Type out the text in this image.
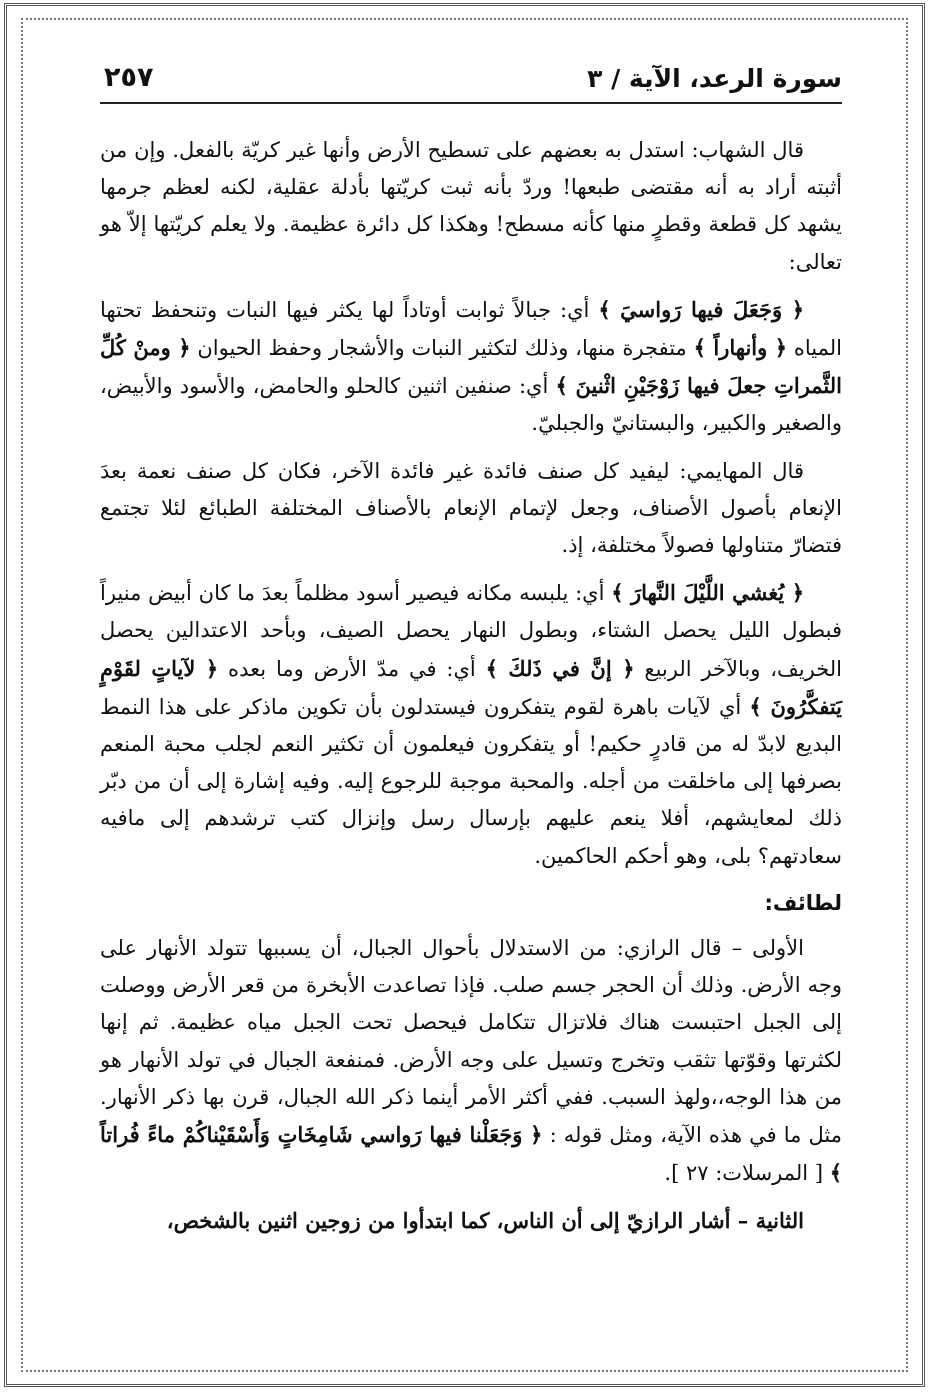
سورة الرعد، الآية / ٣
٢٥٧

قال الشهاب: استدل به بعضهم على تسطيح الأرض وأنها غير كريّة بالفعل. وإن من أثبته أراد به أنه مقتضى طبعها! وردّ بأنه ثبت كريّتها بأدلة عقلية، لكنه لعظم جرمها يشهد كل قطعة وقطرٍ منها كأنه مسطح! وهكذا كل دائرة عظيمة. ولا يعلم كريّتها إلاّ هو تعالى:

﴿ وَجَعَلَ فيها رَواسيَ ﴾ أي: جبالاً ثوابت أوتاداً لها يكثر فيها النبات وتنحفظ تحتها المياه ﴿ وأنهاراً ﴾ متفجرة منها، وذلك لتكثير النبات والأشجار وحفظ الحيوان ﴿ ومنْ كُلِّ الثَّمراتِ جعلَ فيها زَوْجَيْنِ اثْنينَ ﴾ أي: صنفين اثنين كالحلو والحامض، والأسود والأبيض، والصغير والكبير، والبستانيّ والجبليّ.

قال المهايمي: ليفيد كل صنف فائدة غير فائدة الآخر، فكان كل صنف نعمة بعدَ الإنعام بأصول الأصناف، وجعل لإتمام الإنعام بالأصناف المختلفة الطبائع لئلا تجتمع فتضارّ متناولها فصولاً مختلفة، إذ.

﴿ يُغشي اللَّيْلَ النَّهارَ ﴾ أي: يلبسه مكانه فيصير أسود مظلماً بعدَ ما كان أبيض منيراً فبطول الليل يحصل الشتاء، وبطول النهار يحصل الصيف، وبأحد الاعتدالين يحصل الخريف، وبالآخر الربيع ﴿ إنَّ في ذَلكَ ﴾ أي: في مدّ الأرض وما بعده ﴿ لآياتٍ لقَوْمٍ يَتفكَّرُونَ ﴾ أي لآيات باهرة لقوم يتفكرون فيستدلون بأن تكوين ماذكر على هذا النمط البديع لابدّ له من قادرٍ حكيم! أو يتفكرون فيعلمون أن تكثير النعم لجلب محبة المنعم بصرفها إلى ماخلقت من أجله. والمحبة موجبة للرجوع إليه. وفيه إشارة إلى أن من دبّر ذلك لمعايشهم، أفلا ينعم عليهم بإرسال رسل وإنزال كتب ترشدهم إلى مافيه سعادتهم؟ بلى، وهو أحكم الحاكمين.

لطائف:

الأولى – قال الرازي: من الاستدلال بأحوال الجبال، أن يسببها تتولد الأنهار على وجه الأرض. وذلك أن الحجر جسم صلب. فإذا تصاعدت الأبخرة من قعر الأرض ووصلت إلى الجبل احتبست هناك فلاتزال تتكامل فيحصل تحت الجبل مياه عظيمة. ثم إنها لكثرتها وقوّتها تثقب وتخرج وتسيل على وجه الأرض. فمنفعة الجبال في تولد الأنهار هو من هذا الوجه،،ولهذ السبب. ففي أكثر الأمر أينما ذكر الله الجبال، قرن بها ذكر الأنهار. مثل ما في هذه الآية، ومثل قوله : ﴿ وَجَعَلْنا فيها رَواسي شَامِخَاتٍ وَأَسْقَيْناكُمْ ماءً فُراتاً ﴾ [ المرسلات: ٢٧ ].

الثانية – أشار الرازيّ إلى أن الناس، كما ابتدأوا من زوجين اثنين بالشخص،
